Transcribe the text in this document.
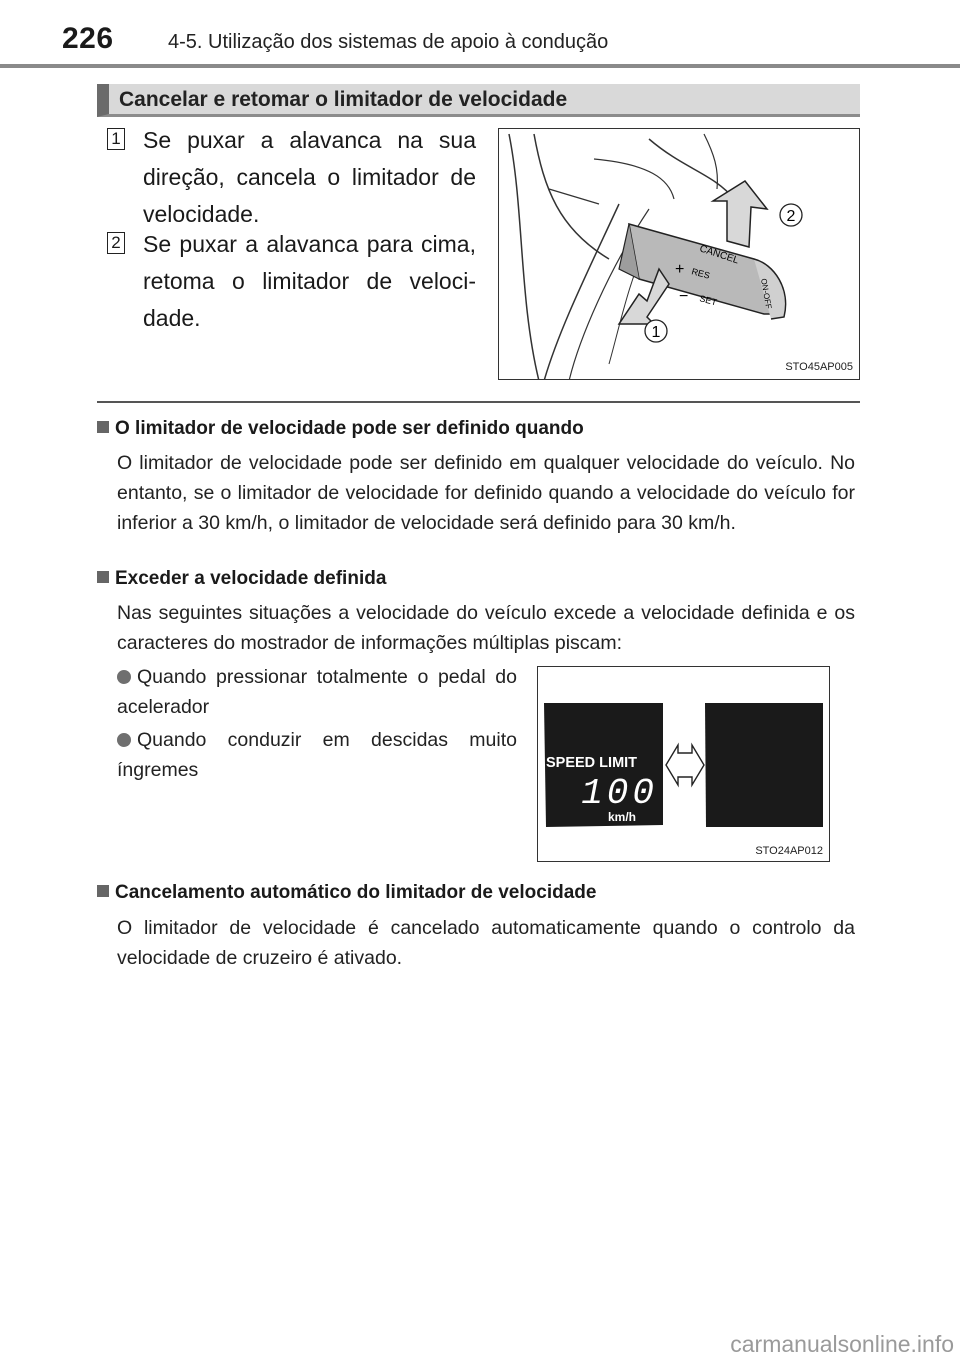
226	4-5. Utilização dos sistemas de apoio à condução
Cancelar e retomar o limitador de velocidade
1 Se puxar a alavanca na sua direção, cancela o limitador de velocidade.
2 Se puxar a alavanca para cima, retoma o limitador de veloci-dade.
CANCEL
+ RES
− SET	ON-OFF
2
1
STO45AP005
O limitador de velocidade pode ser definido quando
O limitador de velocidade pode ser definido em qualquer velocidade do veículo. No entanto, se o limitador de velocidade for definido quando a velocidade do veículo for inferior a 30 km/h, o limitador de velocidade será definido para 30 km/h.
Exceder a velocidade definida
Nas seguintes situações a velocidade do veículo excede a velocidade definida e os caracteres do mostrador de informações múltiplas piscam:
Quando pressionar totalmente o pedal do acelerador
Quando conduzir em descidas muito íngremes	SPEED LIMIT
100
km/h
STO24AP012
Cancelamento automático do limitador de velocidade
O limitador de velocidade é cancelado automaticamente quando o controlo da velocidade de cruzeiro é ativado.
carmanualsonline.info
